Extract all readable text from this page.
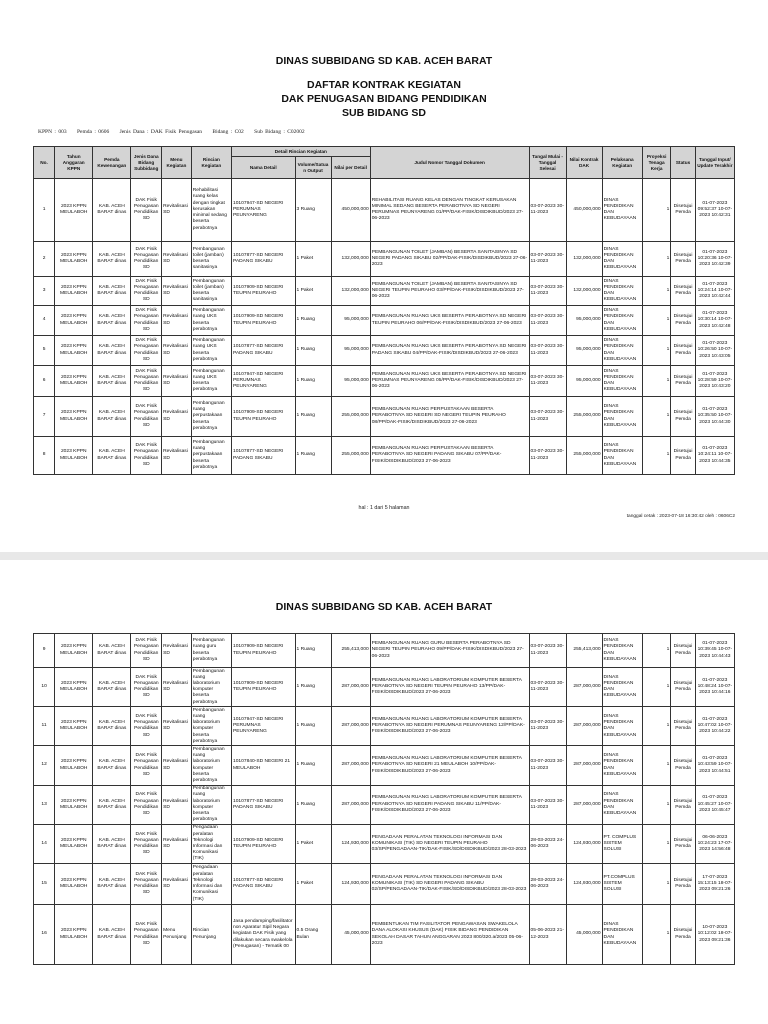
DINAS SUBBIDANG SD KAB. ACEH BARAT
DAFTAR KONTRAK KEGIATAN
DAK PENUGASAN BIDANG PENDIDIKAN
SUB BIDANG SD
KPPN : 003 Pemda : 0606 Jenis Dana : DAK Fisik Penugasan Bidang : C02 Sub Bidang : C02002
hal : 1 dari 5 halaman
tanggal cetak : 2023-07-18 16:30:42 oleh : 0606C2
No.	Tahun Anggaran KPPN	Pemda Kewenangan	Jenis Dana Bidang Subbidang	Menu Kegiatan	Rincian Kegiatan	Detail Rincian Kegiatan			Judul Nomor Tanggal Dokumen	Tangal Mulai - Tanggal Selesai	Nilai Kontrak DAK	Pelaksana Kegiatan	Proyeksi Tenaga Kerja	Status	Tanggal Input/ Update Terakhir
						Nama Detail	Volume/Satuan Output	Nilai per Detail							
1	2023 KPPN MEULABOH	KAB. ACEH BARAT dinas	DAK Fisik Penugasan Pendidikan SD	Revitalisasi SD	Rehabilitasi ruang kelas dengan tingkat kerusakan minimal sedang beserta perabotnya	10107947-SD NEGERI PERUMNAS PEUNYARENG	3 Ruang	450,000,000	REHABILITASI RUANG KELAS DENGAN TINGKAT KERUSAKAN MINIMAL SEDANG BESERTA PERABOTNYA SD NEGERI PERUMNAS PEUNYARENG 01/PP/DAK-FISIK/DISDIKBUD/2023 27-06-2023	03-07-2023 30-11-2023	450,000,000	DINAS PENDIDIKAN DAN KEBUDAYAAN	1	Disetujui Pemda	01-07-2023 09:52:37 10-07-2023 10:42:31
2	2023 KPPN MEULABOH	KAB. ACEH BARAT dinas	DAK Fisik Penugasan Pendidikan SD	Revitalisasi SD	Pembangunan toilet (jamban) beserta sanitasinya	10107877-SD NEGERI PADANG SIKABU	1 Paket	132,000,000	PEMBANGUNAN TOILET (JAMBAN) BESERTA SANITASINYA SD NEGERI PADANG SIKABU 02/PP/DAK-FISIK/DISDIKBUD/2023 27-06-2023	03-07-2023 30-11-2023	132,000,000	DINAS PENDIDIKAN DAN KEBUDAYAAN	1	Disetujui Pemda	01-07-2023 10:20:36 10-07-2023 10:42:39
3	2023 KPPN MEULABOH	KAB. ACEH BARAT dinas	DAK Fisik Penugasan Pendidikan SD	Revitalisasi SD	Pembangunan toilet (jamban) beserta sanitasinya	10107909-SD NEGERI TEUPIN PEURAHO	1 Paket	132,000,000	PEMBANGUNAN TOILET (JAMBAN) BESERTA SANITASINYA SD NEGERI TEUPIN PEURAHO 03/PP/DAK-FISIK/DISDIKBUD/2023 27-06-2023	03-07-2023 30-11-2023	132,000,000	DINAS PENDIDIKAN DAN KEBUDAYAAN	1	Disetujui Pemda	01-07-2023 10:24:14 10-07-2023 10:42:44
4	2023 KPPN MEULABOH	KAB. ACEH BARAT dinas	DAK Fisik Penugasan Pendidikan SD	Revitalisasi SD	Pembangunan ruang UKS beserta perabotnya	10107909-SD NEGERI TEUPIN PEURAHO	1 Ruang	95,000,000	PEMBANGUNAN RUANG UKS BESERTA PERABOTNYA SD NEGERI TEUPIN PEURAHO 06/PP/DAK-FISIK/DISDIKBUD/2023 27-06-2023	03-07-2023 30-11-2023	95,000,000	DINAS PENDIDIKAN DAN KEBUDAYAAN	1	Disetujui Pemda	01-07-2023 10:30:14 10-07-2023 10:42:48
5	2023 KPPN MEULABOH	KAB. ACEH BARAT dinas	DAK Fisik Penugasan Pendidikan SD	Revitalisasi SD	Pembangunan ruang UKS beserta perabotnya	10107877-SD NEGERI PADANG SIKABU	1 Ruang	95,000,000	PEMBANGUNAN RUANG UKS BESERTA PERABOTNYA SD NEGERI PADANG SIKABU 04/PP/DAK-FISIK/DISDIKBUD/2023 27-06-2023	03-07-2023 30-11-2023	95,000,000	DINAS PENDIDIKAN DAN KEBUDAYAAN	1	Disetujui Pemda	01-07-2023 10:26:50 10-07-2023 10:43:05
6	2023 KPPN MEULABOH	KAB. ACEH BARAT dinas	DAK Fisik Penugasan Pendidikan SD	Revitalisasi SD	Pembangunan ruang UKS beserta perabotnya	10107947-SD NEGERI PERUMNAS PEUNYARENG	1 Ruang	95,000,000	PEMBANGUNAN RUANG UKS BESERTA PERABOTNYA SD NEGERI PERUMNAS PEUNYARENG 05/PP/DAK-FISIK/DISDIKBUD/2023 27-06-2023	03-07-2023 30-11-2023	95,000,000	DINAS PENDIDIKAN DAN KEBUDAYAAN	1	Disetujui Pemda	01-07-2023 10:28:59 10-07-2023 10:43:20
7	2023 KPPN MEULABOH	KAB. ACEH BARAT dinas	DAK Fisik Penugasan Pendidikan SD	Revitalisasi SD	Pembangunan ruang perpustakaan beserta perabotnya	10107909-SD NEGERI TEUPIN PEURAHO	1 Ruang	255,000,000	PEMBANGUNAN RUANG PERPUSTAKAAN BESERTA PERABOTNYA SD NEGERI SD NEGERI TEUPIN PEURAHO 08/PP/DAK-FISIK/DISDIKBUD/2023 27-06-2023	03-07-2023 30-11-2023	255,000,000	DINAS PENDIDIKAN DAN KEBUDAYAAN	1	Disetujui Pemda	01-07-2023 10:35:50 10-07-2023 10:44:30
8	2023 KPPN MEULABOH	KAB. ACEH BARAT dinas	DAK Fisik Penugasan Pendidikan SD	Revitalisasi SD	Pembangunan ruang perpustakaan beserta perabotnya	10107877-SD NEGERI PADANG SIKABU	1 Ruang	255,000,000	PEMBANGUNAN RUANG PERPUSTAKAAN BESERTA PERABOTNYA SD NEGERI PADANG SIKABU 07/PP/DAK-FISIK/DISDIKBUD/2023 27-06-2023	03-07-2023 30-11-2023	255,000,000	DINAS PENDIDIKAN DAN KEBUDAYAAN	1	Disetujui Pemda	01-07-2023 10:24:11 10-07-2023 10:44:35
DINAS SUBBIDANG SD KAB. ACEH BARAT
9	2023 KPPN MEULABOH	KAB. ACEH BARAT dinas	DAK Fisik Penugasan Pendidikan SD	Revitalisasi SD	Pembangunan ruang guru beserta perabotnya	10107909-SD NEGERI TEUPIN PEURAHO	1 Ruang	255,413,000	PEMBANGUNAN RUANG GURU BESERTA PERABOTNYA SD NEGERI TEUPIN PEURAHO 09/PP/DAK-FISIK/DISDIKBUD/2023 27-06-2023	03-07-2023 30-11-2023	255,413,000	DINAS PENDIDIKAN DAN KEBUDAYAAN	1	Disetujui Pemda	01-07-2023 10:39:45 10-07-2023 10:44:43
10	2023 KPPN MEULABOH	KAB. ACEH BARAT dinas	DAK Fisik Penugasan Pendidikan SD	Revitalisasi SD	Pembangunan ruang laboratorium komputer beserta perabotnya	10107909-SD NEGERI TEUPIN PEURAHO	1 Ruang	287,000,000	PEMBANGUNAN RUANG LABORATORIUM KOMPUTER BESERTA PERABOTNYA SD NEGERI TEUPIN PEURAHO 13/PP/DAK-FISIK/DISDIKBUD/2023 27-06-2023	03-07-2023 30-11-2023	287,000,000	DINAS PENDIDIKAN DAN KEBUDAYAAN	1	Disetujui Pemda	01-07-2023 10:48:24 10-07-2023 10:44:16
11	2023 KPPN MEULABOH	KAB. ACEH BARAT dinas	DAK Fisik Penugasan Pendidikan SD	Revitalisasi SD	Pembangunan ruang laboratorium komputer beserta perabotnya	10107947-SD NEGERI PERUMNAS PEUNYARENG	1 Ruang	287,000,000	PEMBANGUNAN RUANG LABORATORIUM KOMPUTER BESERTA PERABOTNYA SD NEGERI PERUMNAS PEUNYARENG 12/PP/DAK-FISIK/DISDIKBUD/2023 27-06-2023	03-07-2023 30-11-2023	287,000,000	DINAS PENDIDIKAN DAN KEBUDAYAAN	1	Disetujui Pemda	01-07-2023 10:47:02 10-07-2023 10:44:22
12	2023 KPPN MEULABOH	KAB. ACEH BARAT dinas	DAK Fisik Penugasan Pendidikan SD	Revitalisasi SD	Pembangunan ruang laboratorium komputer beserta perabotnya	10107840-SD NEGERI 21 MEULABOH	1 Ruang	287,000,000	PEMBANGUNAN RUANG LABORATORIUM KOMPUTER BESERTA PERABOTNYA SD NEGERI 21 MEULABOH 10/PP/DAK-FISIK/DISDIKBUD/2023 27-06-2023	03-07-2023 30-11-2023	287,000,000	DINAS PENDIDIKAN DAN KEBUDAYAAN	1	Disetujui Pemda	01-07-2023 10:43:59 10-07-2023 10:44:51
13	2023 KPPN MEULABOH	KAB. ACEH BARAT dinas	DAK Fisik Penugasan Pendidikan SD	Revitalisasi SD	Pembangunan ruang laboratorium komputer beserta perabotnya	10107877-SD NEGERI PADANG SIKABU	1 Ruang	287,000,000	PEMBANGUNAN RUANG LABORATORIUM KOMPUTER BESERTA PERABOTNYA SD NEGERI PADANG SIKABU 11/PP/DAK-FISIK/DISDIKBUD/2023 27-06-2023	03-07-2023 30-11-2023	287,000,000	DINAS PENDIDIKAN DAN KEBUDAYAAN	1	Disetujui Pemda	01-07-2023 10:45:27 10-07-2023 10:45:47
14	2023 KPPN MEULABOH	KAB. ACEH BARAT dinas	DAK Fisik Penugasan Pendidikan SD	Revitalisasi SD	Pengadaan peralatan Teknologi Informasi dan Komunikasi (TIK)	10107909-SD NEGERI TEUPIN PEURAHO	1 Paket	124,930,000	PENGADAAN PERALATAN TEKNOLOGI INFORMASI DAN KOMUNIKASI (TIK) SD NEGERI TEUPIN PEURAHO 03/SP/PENGADAAN-TIK/DAK-FISIK/SD/DISDIKBUD/2023 28-03-2023	28-03-2023 24-06-2023	124,930,000	PT. COMPLUS SISTEM SOLUSI	1	Disetujui Pemda	06-06-2023 10:24:23 17-07-2023 14:56:48
15	2023 KPPN MEULABOH	KAB. ACEH BARAT dinas	DAK Fisik Penugasan Pendidikan SD	Revitalisasi SD	Pengadaan peralatan Teknologi Informasi dan Komunikasi (TIK)	10107877-SD NEGERI PADANG SIKABU	1 Paket	124,930,000	PENGADAAN PERALATAN TEKNOLOGI INFORMASI DAN KOMUNIKASI (TIK) SD NEGERI PADANG SIKABU 02/SP/PENGADAAN-TIK/DAK-FISIK/SD/DISDIKBUD/2023 28-03-2023	28-03-2023 24-06-2023	124,930,000	PT.COMPLUS SISTEM SOLUSI	1	Disetujui Pemda	17-07-2023 15:13:15 18-07-2023 09:21:26
16	2023 KPPN MEULABOH	KAB. ACEH BARAT dinas	DAK Fisik Penugasan Pendidikan SD	Menu Penunjang	Rincian Penunjang	Jasa pendamping/fasilitator non Aparatur Sipil Negara kegiatan DAK Fisik yang dilakukan secara swakelola (Penugasan) - Tematik 00	0.5 Orang Bulan	45,000,000	PEMBENTUKAN TIM FASILITATOR PENGAWASAN SWAKELOLA DANA ALOKASI KHUSUS (DAK) FISIK BIDANG PENDIDIKAN SEKOLAH DASAR TAHUN ANGGARAN 2023 800/320.a/2023 05-06-2023	05-06-2023 21-12-2023	45,000,000	DINAS PENDIDIKAN DAN KEBUDAYAAN	1	Disetujui Pemda	10-07-2023 10:12:02 18-07-2023 09:21:36
